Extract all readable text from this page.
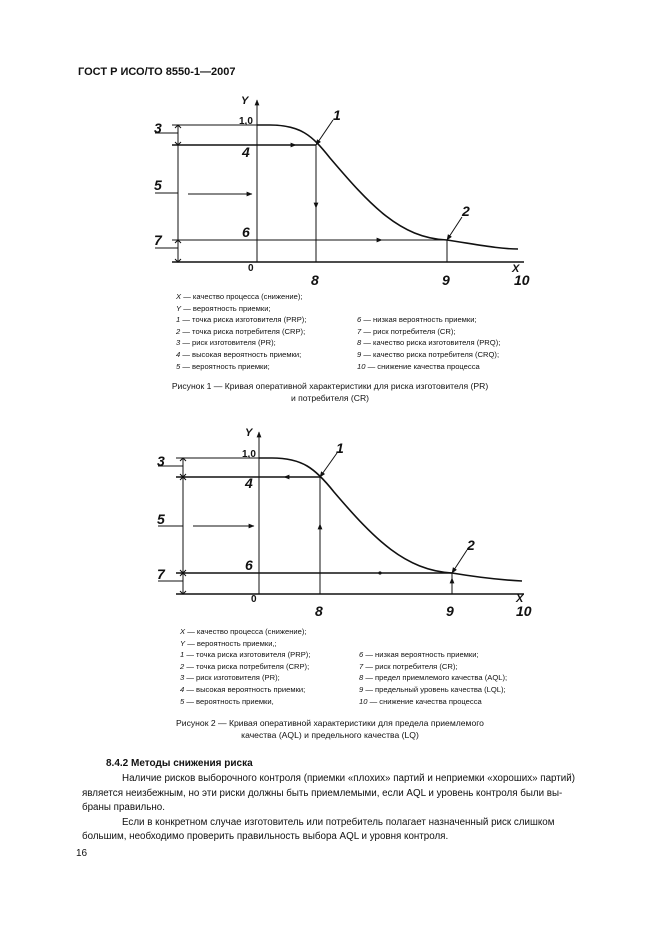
ГОСТ Р ИСО/ТО 8550-1—2007
Y
X
1,0
0
1
2
3
4
5
6
7
8	9	10
X — качество процесса (снижение);
Y — вероятность приемки;
1 — точка риска изготовителя (PRP);
2 — точка риска потребителя (CRP);
3 — риск изготовителя (PR);
4 — высокая вероятность приемки;
5 — вероятность приемки;
6 — низкая вероятность приемки;
7 — риск потребителя (CR);
8 — качество риска изготовителя (PRQ);
9 — качество риска потребителя (CRQ);
10 — снижение качества процесса
Рисунок 1 — Кривая оперативной характеристики для риска изготовителя (PR)
и потребителя (CR)
Y
X
1,0
0
1
2
3
4
5
6
7
8	9	10
X — качество процесса (снижение);
Y — вероятность приемки,;
1 — точка риска изготовителя (PRP);
2 — точка риска потребителя (CRP);
3 — риск изготовителя (PR);
4 — высокая вероятность приемки;
5 — вероятность приемки,
6 — низкая вероятность приемки;
7 — риск потребителя (CR);
8 — предел приемлемого качества (AQL);
9 — предельный уровень качества (LQL);
10 — снижение качества процесса
Рисунок 2 — Кривая оперативной характеристики для предела приемлемого
качества (AQL) и предельного качества (LQ)
8.4.2 Методы снижения риска
Наличие рисков выборочного контроля (приемки «плохих» партий и неприемки «хороших» партий)
является неизбежным, но эти риски должны быть приемлемыми, если AQL и уровень контроля были вы-
браны правильно.
Если в конкретном случае изготовитель или потребитель полагает назначенный риск слишком
большим, необходимо проверить правильность выбора AQL и уровня контроля.
16
